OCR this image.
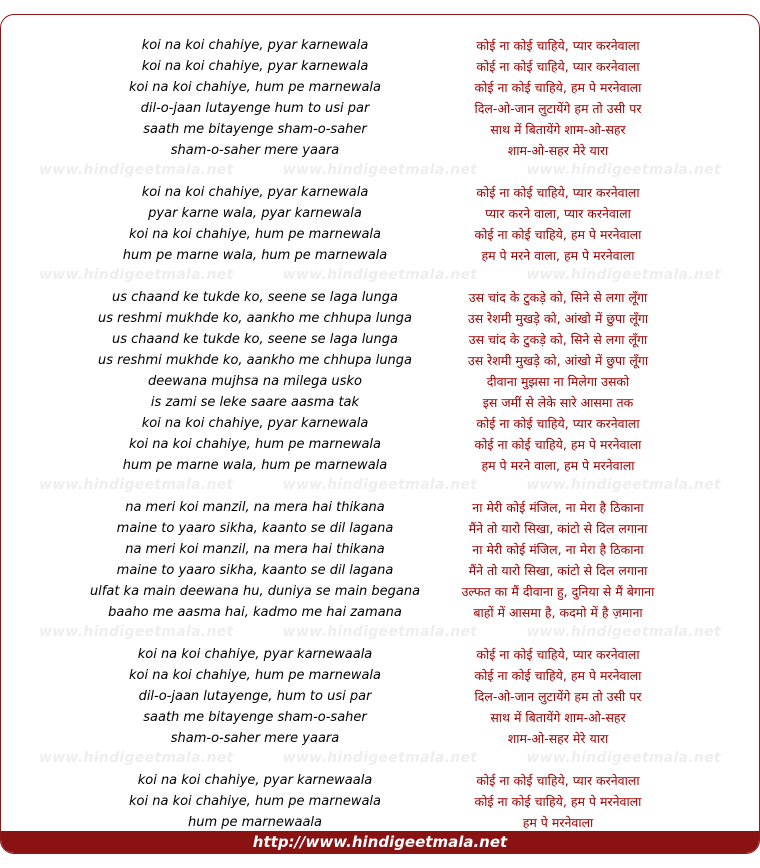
koi na koi chahiye, pyar karnewala	कोई ना कोई चाहिये, प्यार करनेवाला
koi na koi chahiye, pyar karnewala	कोई ना कोई चाहिये, प्यार करनेवाला
koi na koi chahiye, hum pe marnewala	कोई ना कोई चाहिये, हम पे मरनेवाला
dil-o-jaan lutayenge hum to usi par	दिल-ओ-जान लुटायेंगे हम तो उसी पर
saath me bitayenge sham-o-saher	साथ में बितायेंगे शाम-ओ-सहर
sham-o-saher mere yaara	शाम-ओ-सहर मेरे यारा
www.hindigeetmala.net	www.hindigeetmala.net	www.hindigeetmala.net
koi na koi chahiye, pyar karnewala	कोई ना कोई चाहिये, प्यार करनेवाला
pyar karne wala, pyar karnewala	प्यार करने वाला, प्यार करनेवाला
koi na koi chahiye, hum pe marnewala	कोई ना कोई चाहिये, हम पे मरनेवाला
hum pe marne wala, hum pe marnewala	हम पे मरने वाला, हम पे मरनेवाला
www.hindigeetmala.net	www.hindigeetmala.net	www.hindigeetmala.net
us chaand ke tukde ko, seene se laga lunga	उस चांद के टुकड़े को, सिने से लगा लूँगा
us reshmi mukhde ko, aankho me chhupa lunga	उस रेशमी मुखड़े को, आंखो में छुपा लूँगा
us chaand ke tukde ko, seene se laga lunga	उस चांद के टुकड़े को, सिने से लगा लूँगा
us reshmi mukhde ko, aankho me chhupa lunga	उस रेशमी मुखड़े को, आंखो में छुपा लूँगा
deewana mujhsa na milega usko	दीवाना मुझसा ना मिलेगा उसको
is zami se leke saare aasma tak	इस जमीं से लेके सारे आसमा तक
koi na koi chahiye, pyar karnewala	कोई ना कोई चाहिये, प्यार करनेवाला
koi na koi chahiye, hum pe marnewala	कोई ना कोई चाहिये, हम पे मरनेवाला
hum pe marne wala, hum pe marnewala	हम पे मरने वाला, हम पे मरनेवाला
www.hindigeetmala.net	www.hindigeetmala.net	www.hindigeetmala.net
na meri koi manzil, na mera hai thikana	ना मेरी कोई मंजिल, ना मेरा है ठिकाना
maine to yaaro sikha, kaanto se dil lagana	मैंने तो यारो सिखा, कांटो से दिल लगाना
na meri koi manzil, na mera hai thikana	ना मेरी कोई मंजिल, ना मेरा है ठिकाना
maine to yaaro sikha, kaanto se dil lagana	मैंने तो यारो सिखा, कांटो से दिल लगाना
ulfat ka main deewana hu, duniya se main begana	उल्फत का मैं दीवाना हु, दुनिया से मैं बेगाना
baaho me aasma hai, kadmo me hai zamana	बाहों में आसमा है, कदमो में है ज़माना
www.hindigeetmala.net	www.hindigeetmala.net	www.hindigeetmala.net
koi na koi chahiye, pyar karnewaala	कोई ना कोई चाहिये, प्यार करनेवाला
koi na koi chahiye, hum pe marnewala	कोई ना कोई चाहिये, हम पे मरनेवाला
dil-o-jaan lutayenge, hum to usi par	दिल-ओ-जान लुटायेंगे हम तो उसी पर
saath me bitayenge sham-o-saher	साथ में बितायेंगे शाम-ओ-सहर
sham-o-saher mere yaara	शाम-ओ-सहर मेरे यारा
www.hindigeetmala.net	www.hindigeetmala.net	www.hindigeetmala.net
koi na koi chahiye, pyar karnewaala	कोई ना कोई चाहिये, प्यार करनेवाला
koi na koi chahiye, hum pe marnewala	कोई ना कोई चाहिये, हम पे मरनेवाला
hum pe marnewaala	हम पे मरनेवाला
http://www.hindigeetmala.net
